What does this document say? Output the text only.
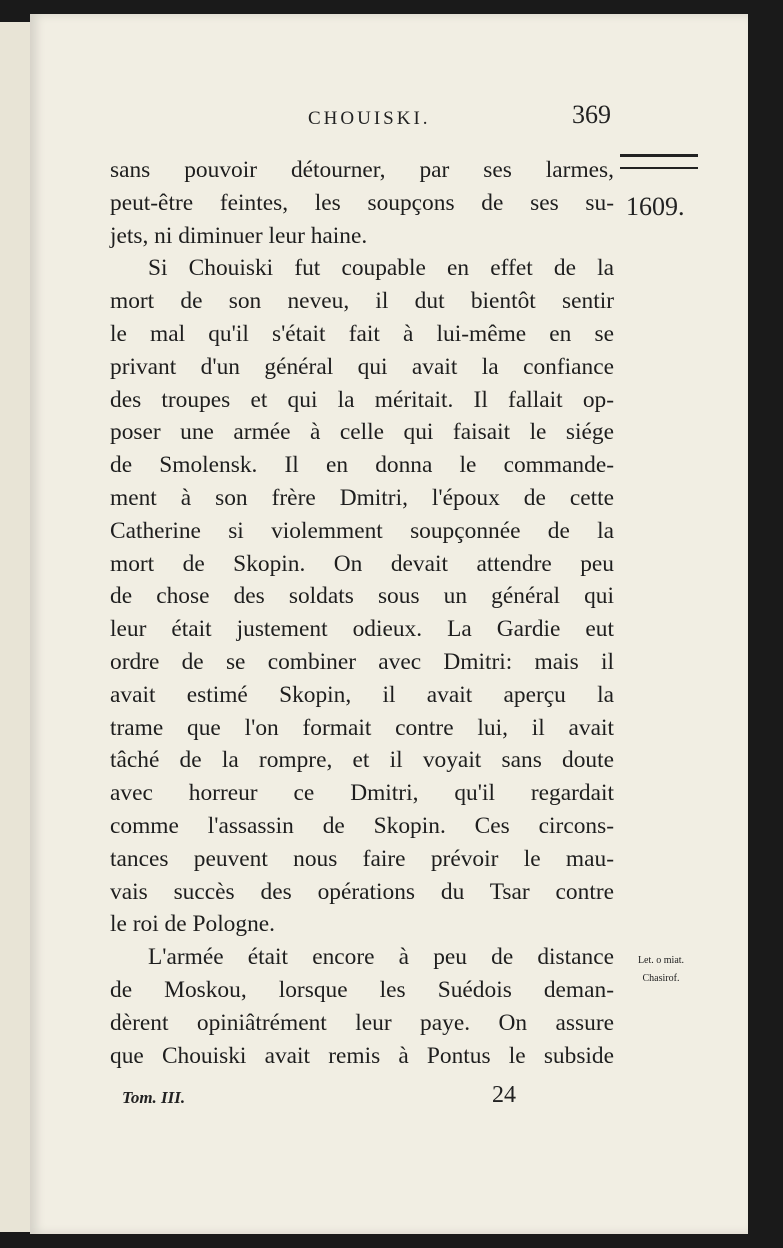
CHOUISKI.	369
1609.
Let. o miat.
Chasirof.
sans pouvoir détourner, par ses larmes,
peut-être feintes, les soupçons de ses su-
jets, ni diminuer leur haine.
Si Chouiski fut coupable en effet de la
mort de son neveu, il dut bientôt sentir
le mal qu'il s'était fait à lui-même en se
privant d'un général qui avait la confiance
des troupes et qui la méritait. Il fallait op-
poser une armée à celle qui faisait le siége
de Smolensk. Il en donna le commande-
ment à son frère Dmitri, l'époux de cette
Catherine si violemment soupçonnée de la
mort de Skopin. On devait attendre peu
de chose des soldats sous un général qui
leur était justement odieux. La Gardie eut
ordre de se combiner avec Dmitri: mais il
avait estimé Skopin, il avait aperçu la
trame que l'on formait contre lui, il avait
tâché de la rompre, et il voyait sans doute
avec horreur ce Dmitri, qu'il regardait
comme l'assassin de Skopin. Ces circons-
tances peuvent nous faire prévoir le mau-
vais succès des opérations du Tsar contre
le roi de Pologne.
L'armée était encore à peu de distance
de Moskou, lorsque les Suédois deman-
dèrent opiniâtrément leur paye. On assure
que Chouiski avait remis à Pontus le subside
Tom. III.	24
